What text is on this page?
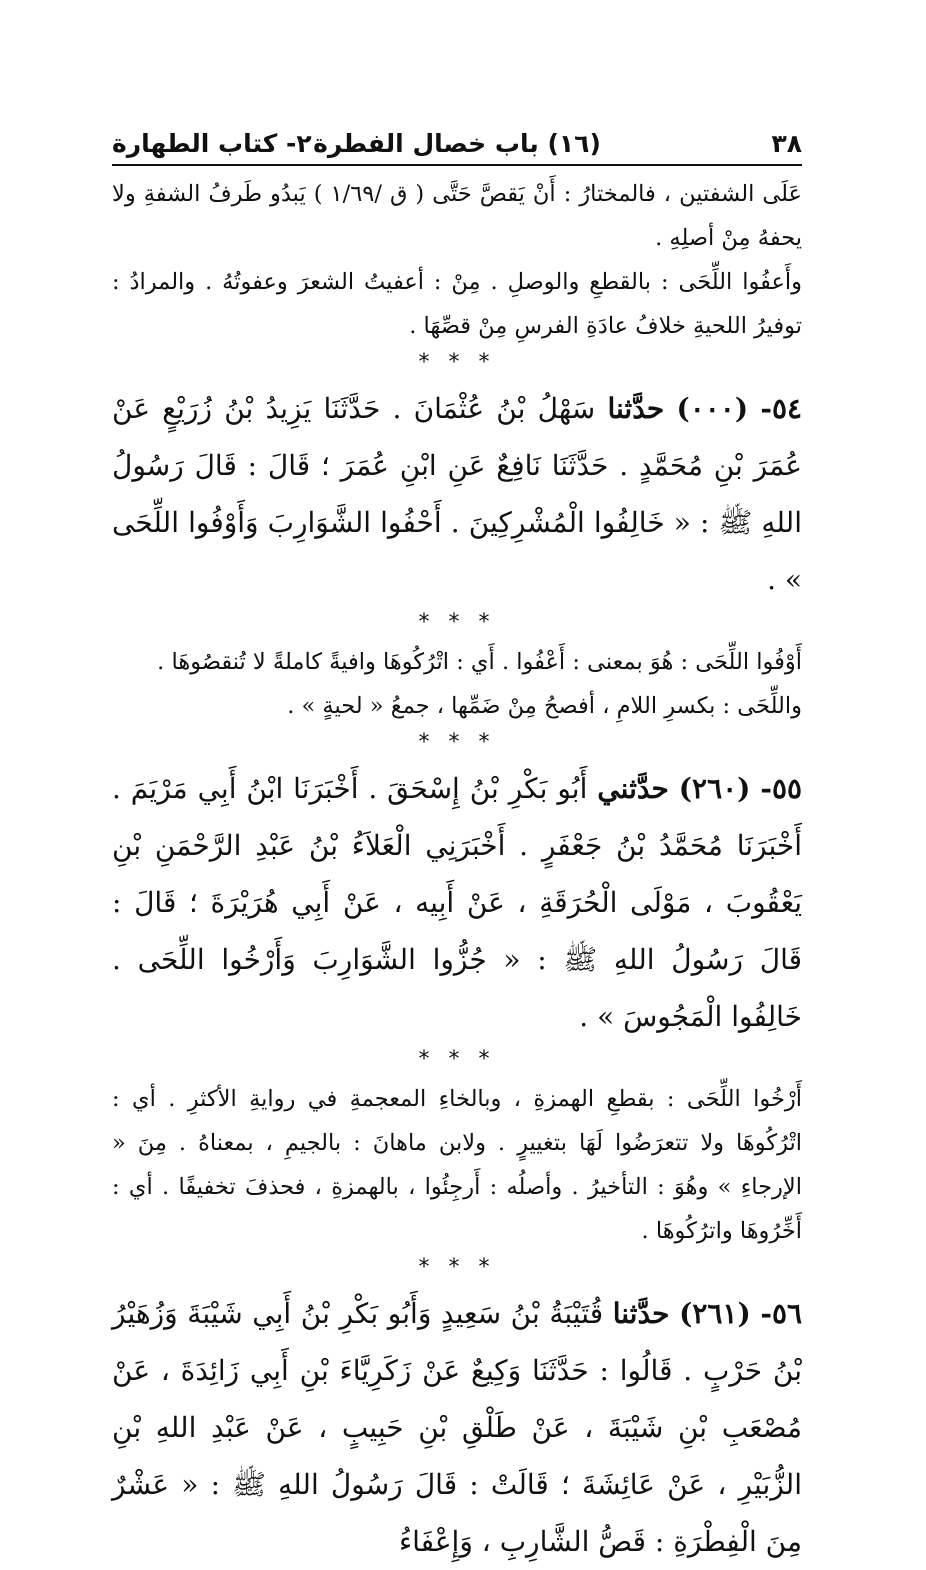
٣٨
(١٦) باب خصال الفطرة
٢- كتاب الطهارة

عَلَى الشفتين ، فالمختارُ : أَنْ يَقصَّ حَتَّى ( ق /١/٦٩ ) يَبدُو طَرفُ الشفةِ ولا يحفهُ مِنْ أصلِهِ .

وأَعفُوا اللِّحَى : بالقطعِ والوصلِ . مِنْ : أعفيتُ الشعرَ وعفوتُهُ . والمرادُ : توفيرُ اللحيةِ خلافُ عادَةِ الفرسِ مِنْ قصِّهَا .

* * *

٥٤- (٠٠٠) حدَّثنا سَهْلُ بْنُ عُثْمَانَ . حَدَّثَنَا يَزِيدُ بْنُ زُرَيْعٍ عَنْ عُمَرَ بْنِ مُحَمَّدٍ . حَدَّثَنَا نَافِعٌ عَنِ ابْنِ عُمَرَ ؛ قَالَ : قَالَ رَسُولُ اللهِ ﷺ : « خَالِفُوا الْمُشْرِكِينَ . أَحْفُوا الشَّوَارِبَ وَأَوْفُوا اللِّحَى » .

* * *

أَوْفُوا اللِّحَى : هُوَ بمعنى : أَعْفُوا . أَي : اتْرُكُوهَا وافيةً كاملةً لا تُنقصُوهَا .

واللِّحَى : بكسرِ اللامِ ، أفصحُ مِنْ ضَمِّها ، جمعُ « لحيةٍ » .

* * *

٥٥- (٢٦٠) حدَّثني أَبُو بَكْرِ بْنُ إِسْحَقَ . أَخْبَرَنَا ابْنُ أَبِي مَرْيَمَ . أَخْبَرَنَا مُحَمَّدُ بْنُ جَعْفَرٍ . أَخْبَرَنِي الْعَلاَءُ بْنُ عَبْدِ الرَّحْمَنِ بْنِ يَعْقُوبَ ، مَوْلَى الْحُرَقَةِ ، عَنْ أَبِيه ، عَنْ أَبِي هُرَيْرَةَ ؛ قَالَ : قَالَ رَسُولُ اللهِ ﷺ : « جُزُّوا الشَّوَارِبَ وَأَرْخُوا اللِّحَى . خَالِفُوا الْمَجُوسَ » .

* * *

أَرْخُوا اللِّحَى : بقطعِ الهمزةِ ، وبالخاءِ المعجمةِ في روايةِ الأكثرِ . أي : اتْرُكُوهَا ولا تتعرَضُوا لَهَا بتغييرٍ . ولابن ماهانَ : بالجيمِ ، بمعناهُ . مِنَ « الإرجاءِ » وهُوَ : التأخيرُ . وأصلُه : أَرجِئُوا ، بالهمزةِ ، فحذفَ تخفيفًا . أي : أَخِّرُوهَا واترُكُوهَا .

* * *

٥٦- (٢٦١) حدَّثنا قُتَيْبَةُ بْنُ سَعِيدٍ وَأَبُو بَكْرِ بْنُ أَبِي شَيْبَةَ وَزُهَيْرُ بْنُ حَرْبٍ . قَالُوا : حَدَّثَنَا وَكِيعٌ عَنْ زَكَرِيَّاءَ بْنِ أَبِي زَائِدَةَ ، عَنْ مُصْعَبِ بْنِ شَيْبَةَ ، عَنْ طَلْقِ بْنِ حَبِيبٍ ، عَنْ عَبْدِ اللهِ بْنِ الزُّبَيْرِ ، عَنْ عَائِشَةَ ؛ قَالَتْ : قَالَ رَسُولُ اللهِ ﷺ : « عَشْرٌ مِنَ الْفِطْرَةِ : قَصُّ الشَّارِبِ ، وَإِعْفَاءُ
